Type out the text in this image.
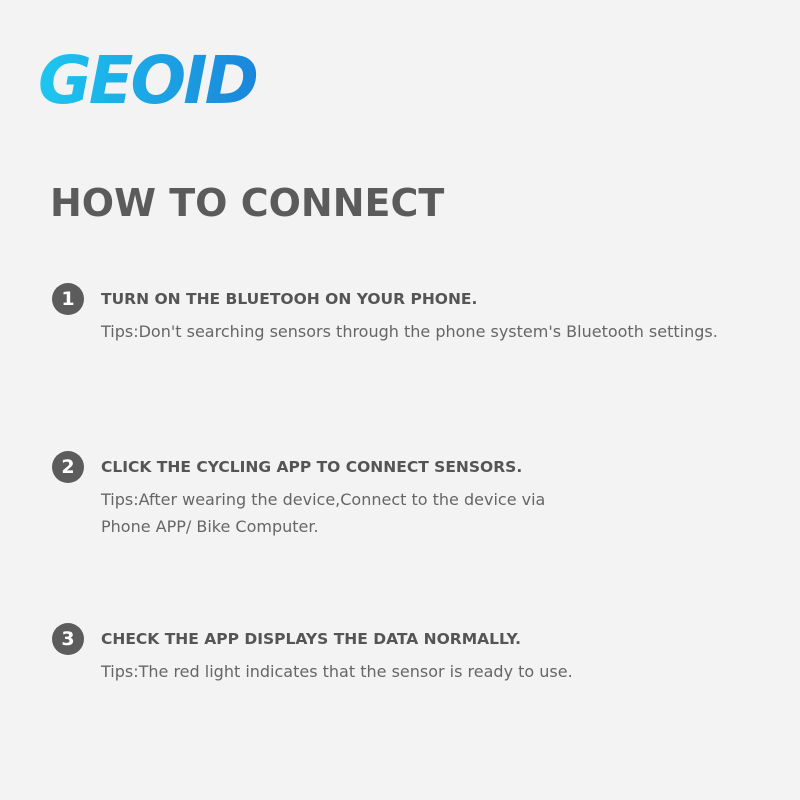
GEOID
HOW TO CONNECT
1	TURN ON THE BLUETOOH ON YOUR PHONE.

Tips:Don't searching sensors through the phone system's Bluetooth settings.

2	CLICK THE CYCLING APP TO CONNECT SENSORS.

Tips:After wearing the device,Connect to the device via
Phone APP/ Bike Computer.

3	CHECK THE APP DISPLAYS THE DATA NORMALLY.

Tips:The red light indicates that the sensor is ready to use.
